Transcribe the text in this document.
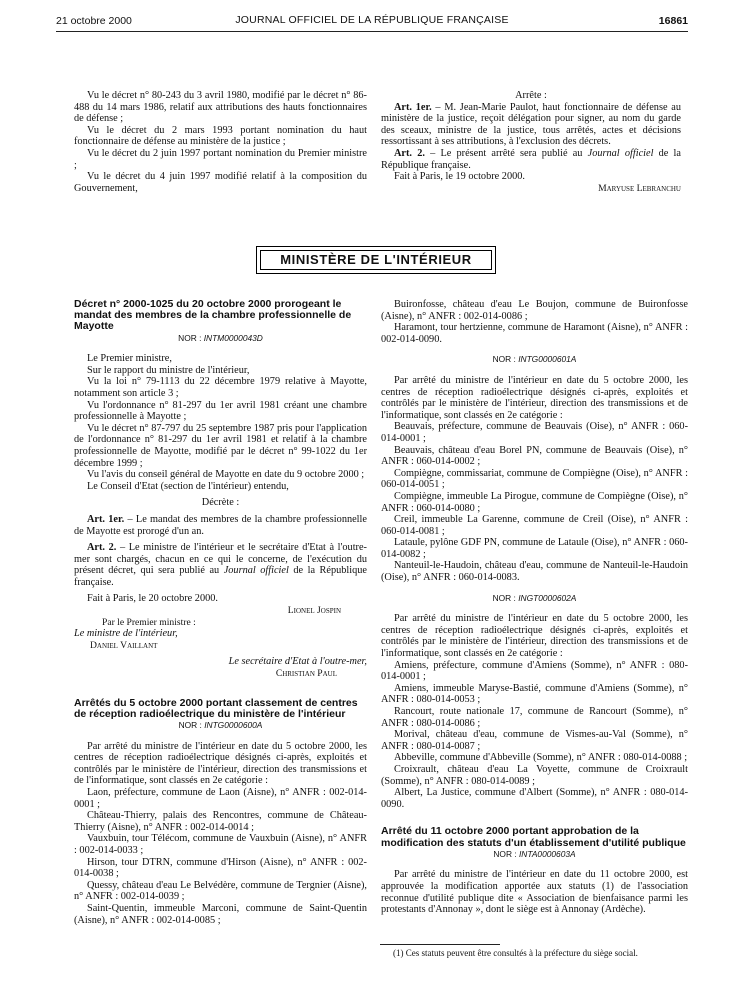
21 octobre 2000	JOURNAL OFFICIEL DE LA RÉPUBLIQUE FRANÇAISE	16861

Vu le décret n° 80-243 du 3 avril 1980, modifié par le décret n° 86-488 du 14 mars 1986, relatif aux attributions des hauts fonctionnaires de défense ;

Vu le décret du 2 mars 1993 portant nomination du haut fonctionnaire de défense au ministère de la justice ;

Vu le décret du 2 juin 1997 portant nomination du Premier ministre ;

Vu le décret du 4 juin 1997 modifié relatif à la composition du Gouvernement,

Arrête :

Art. 1er. – M. Jean-Marie Paulot, haut fonctionnaire de défense au ministère de la justice, reçoit délégation pour signer, au nom du garde des sceaux, ministre de la justice, tous arrêtés, actes et décisions ressortissant à ses attributions, à l'exclusion des décrets.

Art. 2. – Le présent arrêté sera publié au Journal officiel de la République française.

Fait à Paris, le 19 octobre 2000.

Maryuse Lebranchu

MINISTÈRE DE L'INTÉRIEUR

Décret n° 2000-1025 du 20 octobre 2000 prorogeant le mandat des membres de la chambre professionnelle de Mayotte

NOR : INTM0000043D

Le Premier ministre,

Sur le rapport du ministre de l'intérieur,

Vu la loi n° 79-1113 du 22 décembre 1979 relative à Mayotte, notamment son article 3 ;

Vu l'ordonnance n° 81-297 du 1er avril 1981 créant une chambre professionnelle à Mayotte ;

Vu le décret n° 87-797 du 25 septembre 1987 pris pour l'application de l'ordonnance n° 81-297 du 1er avril 1981 et relatif à la chambre professionnelle de Mayotte, modifié par le décret n° 99-1022 du 1er décembre 1999 ;

Vu l'avis du conseil général de Mayotte en date du 9 octobre 2000 ;

Le Conseil d'Etat (section de l'intérieur) entendu,

Décrète :

Art. 1er. – Le mandat des membres de la chambre professionnelle de Mayotte est prorogé d'un an.

Art. 2. – Le ministre de l'intérieur et le secrétaire d'Etat à l'outre-mer sont chargés, chacun en ce qui le concerne, de l'exécution du présent décret, qui sera publié au Journal officiel de la République française.

Fait à Paris, le 20 octobre 2000.

Lionel Jospin

Par le Premier ministre :

Le ministre de l'intérieur,

Daniel Vaillant

Le secrétaire d'Etat à l'outre-mer,

Christian Paul

Arrêtés du 5 octobre 2000 portant classement de centres de réception radioélectrique du ministère de l'intérieur

NOR : INTG0000600A

Par arrêté du ministre de l'intérieur en date du 5 octobre 2000, les centres de réception radioélectrique désignés ci-après, exploités et contrôlés par le ministère de l'intérieur, direction des transmissions et de l'informatique, sont classés en 2e catégorie :

Laon, préfecture, commune de Laon (Aisne), n° ANFR : 002-014-0001 ;

Château-Thierry, palais des Rencontres, commune de Château-Thierry (Aisne), n° ANFR : 002-014-0014 ;

Vauxbuin, tour Télécom, commune de Vauxbuin (Aisne), n° ANFR : 002-014-0033 ;

Hirson, tour DTRN, commune d'Hirson (Aisne), n° ANFR : 002-014-0038 ;

Quessy, château d'eau Le Belvédère, commune de Tergnier (Aisne), n° ANFR : 002-014-0039 ;

Saint-Quentin, immeuble Marconi, commune de Saint-Quentin (Aisne), n° ANFR : 002-014-0085 ;

Buironfosse, château d'eau Le Boujon, commune de Buironfosse (Aisne), n° ANFR : 002-014-0086 ;

Haramont, tour hertzienne, commune de Haramont (Aisne), n° ANFR : 002-014-0090.

NOR : INTG0000601A

Par arrêté du ministre de l'intérieur en date du 5 octobre 2000, les centres de réception radioélectrique désignés ci-après, exploités et contrôlés par le ministère de l'intérieur, direction des transmissions et de l'informatique, sont classés en 2e catégorie :

Beauvais, préfecture, commune de Beauvais (Oise), n° ANFR : 060-014-0001 ;

Beauvais, château d'eau Borel PN, commune de Beauvais (Oise), n° ANFR : 060-014-0002 ;

Compiègne, commissariat, commune de Compiègne (Oise), n° ANFR : 060-014-0051 ;

Compiègne, immeuble La Pirogue, commune de Compiègne (Oise), n° ANFR : 060-014-0080 ;

Creil, immeuble La Garenne, commune de Creil (Oise), n° ANFR : 060-014-0081 ;

Lataule, pylône GDF PN, commune de Lataule (Oise), n° ANFR : 060-014-0082 ;

Nanteuil-le-Haudoin, château d'eau, commune de Nanteuil-le-Haudoin (Oise), n° ANFR : 060-014-0083.

NOR : INGT0000602A

Par arrêté du ministre de l'intérieur en date du 5 octobre 2000, les centres de réception radioélectrique désignés ci-après, exploités et contrôlés par le ministère de l'intérieur, direction des transmissions et de l'informatique, sont classés en 2e catégorie :

Amiens, préfecture, commune d'Amiens (Somme), n° ANFR : 080-014-0001 ;

Amiens, immeuble Maryse-Bastié, commune d'Amiens (Somme), n° ANFR : 080-014-0053 ;

Rancourt, route nationale 17, commune de Rancourt (Somme), n° ANFR : 080-014-0086 ;

Morival, château d'eau, commune de Vismes-au-Val (Somme), n° ANFR : 080-014-0087 ;

Abbeville, commune d'Abbeville (Somme), n° ANFR : 080-014-0088 ;

Croixrault, château d'eau La Voyette, commune de Croixrault (Somme), n° ANFR : 080-014-0089 ;

Albert, La Justice, commune d'Albert (Somme), n° ANFR : 080-014-0090.

Arrêté du 11 octobre 2000 portant approbation de la modification des statuts d'un établissement d'utilité publique

NOR : INTA0000603A

Par arrêté du ministre de l'intérieur en date du 11 octobre 2000, est approuvée la modification apportée aux statuts (1) de l'association reconnue d'utilité publique dite « Association de bienfaisance parmi les protestants d'Annonay », dont le siège est à Annonay (Ardèche).

(1) Ces statuts peuvent être consultés à la préfecture du siège social.
